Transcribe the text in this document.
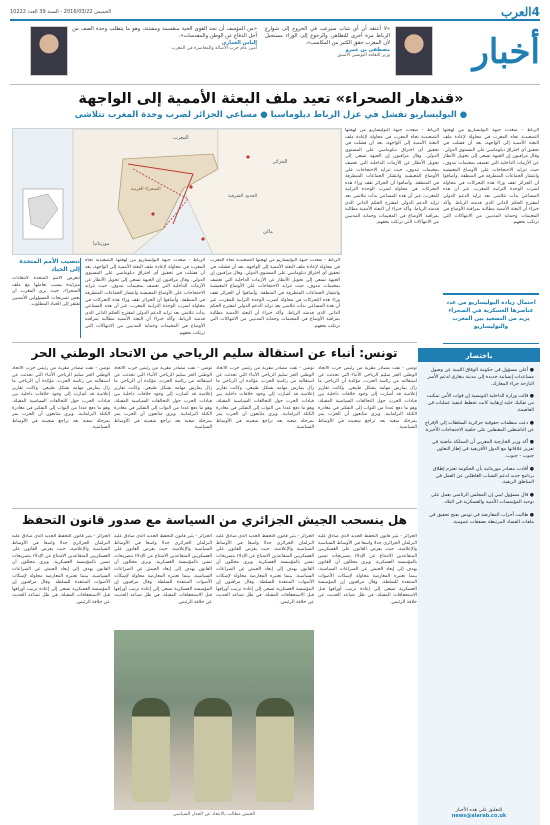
4
العرب
الخميس 2016/03/22 - السنة 39 العدد 10222
أخبار
«لا أعتقد أن أي شاب سيرغب في الخروج إلى شوارع الرباط مرة أخرى للتظاهر، والرجوع إلى الوراء مستحيل لأن المغرب حقق الكثير من المكاسب».
مصطفى بن عمرو
وزير الثقافة التونسي الأسبق
«من المؤسف أن نجد القوى الحية منقسمة ومشتتة، وهو ما يتطلب وحدة الصف من أجل الدفاع عن الوطن والمقدسات».
إلياس العماري
أمين عام حزب الأصالة والمعاصرة في المغرب
«قندهار الصحراء» تعيد ملف البعثة الأممية إلى الواجهة
● البوليساريو تفشل في عزل الرباط دبلوماسيا ● مساعي الجزائر لضرب وحدة المغرب تتلاشى
الرباط - صعدت جبهة البوليساريو من لهجتها التصعيدية تجاه المغرب في محاولة لإعادة ملف البعثة الأممية إلى الواجهة، بعد أن فشلت في تحقيق أي اختراق دبلوماسي على المستوى الدولي. وقال مراقبون إن الجبهة تسعى إلى تحويل الأنظار عن الأزمات الداخلية التي تعصف بمخيمات تندوف، حيث تتزايد الاحتجاجات على الأوضاع المعيشية وانتشار الجماعات المتطرفة في المنطقة. وأضافوا أن الجزائر تقف وراء هذه التحركات في محاولة لضرب الوحدة الترابية للمغرب، غير أن هذه المساعي بدأت تتلاشى بعد تزايد الدعم الدولي لمقترح الحكم الذاتي الذي قدمته الرباط. وأكد خبراء أن البعثة الأممية مطالبة بمراقبة الأوضاع في المخيمات وحماية المدنيين من الانتهاكات التي ترتكب بحقهم.
الرباط - صعدت جبهة البوليساريو من لهجتها التصعيدية تجاه المغرب في محاولة لإعادة ملف البعثة الأممية إلى الواجهة، بعد أن فشلت في تحقيق أي اختراق دبلوماسي على المستوى الدولي. وقال مراقبون إن الجبهة تسعى إلى تحويل الأنظار عن الأزمات الداخلية التي تعصف بمخيمات تندوف، حيث تتزايد الاحتجاجات على الأوضاع المعيشية وانتشار الجماعات المتطرفة في المنطقة. وأضافوا أن الجزائر تقف وراء هذه التحركات في محاولة لضرب الوحدة الترابية للمغرب، غير أن هذه المساعي بدأت تتلاشى بعد تزايد الدعم الدولي لمقترح الحكم الذاتي الذي قدمته الرباط. وأكد خبراء أن البعثة الأممية مطالبة بمراقبة الأوضاع في المخيمات وحماية المدنيين من الانتهاكات التي ترتكب بحقهم.
احتمال زيادة البوليساريو من عدد عناصرها العسكرية في الصحراء يزيد من التصعيد بين المغرب والبوليساريو
المغرب
الجزائر
موريتانيا
الصحراء الغربية
مالي
الحدود الشرقية
الرباط - صعدت جبهة البوليساريو من لهجتها التصعيدية تجاه المغرب في محاولة لإعادة ملف البعثة الأممية إلى الواجهة، بعد أن فشلت في تحقيق أي اختراق دبلوماسي على المستوى الدولي. وقال مراقبون إن الجبهة تسعى إلى تحويل الأنظار عن الأزمات الداخلية التي تعصف بمخيمات تندوف، حيث تتزايد الاحتجاجات على الأوضاع المعيشية وانتشار الجماعات المتطرفة في المنطقة. وأضافوا أن الجزائر تقف وراء هذه التحركات في محاولة لضرب الوحدة الترابية للمغرب، غير أن هذه المساعي بدأت تتلاشى بعد تزايد الدعم الدولي لمقترح الحكم الذاتي الذي قدمته الرباط. وأكد خبراء أن البعثة الأممية مطالبة بمراقبة الأوضاع في المخيمات وحماية المدنيين من الانتهاكات التي ترتكب بحقهم.
الرباط - صعدت جبهة البوليساريو من لهجتها التصعيدية تجاه المغرب في محاولة لإعادة ملف البعثة الأممية إلى الواجهة، بعد أن فشلت في تحقيق أي اختراق دبلوماسي على المستوى الدولي. وقال مراقبون إن الجبهة تسعى إلى تحويل الأنظار عن الأزمات الداخلية التي تعصف بمخيمات تندوف، حيث تتزايد الاحتجاجات على الأوضاع المعيشية وانتشار الجماعات المتطرفة في المنطقة. وأضافوا أن الجزائر تقف وراء هذه التحركات في محاولة لضرب الوحدة الترابية للمغرب، غير أن هذه المساعي بدأت تتلاشى بعد تزايد الدعم الدولي لمقترح الحكم الذاتي الذي قدمته الرباط. وأكد خبراء أن البعثة الأممية مطالبة بمراقبة الأوضاع في المخيمات وحماية المدنيين من الانتهاكات التي ترتكب بحقهم.
تنصيب الأمم المتحدة إلى الحياد
تتعرض الأمم المتحدة لانتقادات متزايدة بسبب تعاملها مع ملف الصحراء، حيث يرى المغرب أن بعض تصريحات المسؤولين الأمميين تفتقر إلى الحياد المطلوب.
تونس: أنباء عن استقالة سليم الرياحي من الاتحاد الوطني الحر
تونس - نفت مصادر مقربة من رئيس حزب الاتحاد الوطني الحر سليم الرياحي الأنباء التي تحدثت عن استقالته من رئاسة الحزب، مؤكدة أن الرياحي ما زال يمارس مهامه بشكل طبيعي. وكانت تقارير إعلامية قد أشارت إلى وجود خلافات داخلية بين قيادات الحزب حول التحالفات السياسية المقبلة، وهو ما دفع عددا من النواب إلى التفكير في مغادرة الكتلة البرلمانية. ويرى متابعون أن الحزب يمر بمرحلة صعبة بعد تراجع شعبيته في الأوساط السياسية.
تونس - نفت مصادر مقربة من رئيس حزب الاتحاد الوطني الحر سليم الرياحي الأنباء التي تحدثت عن استقالته من رئاسة الحزب، مؤكدة أن الرياحي ما زال يمارس مهامه بشكل طبيعي. وكانت تقارير إعلامية قد أشارت إلى وجود خلافات داخلية بين قيادات الحزب حول التحالفات السياسية المقبلة، وهو ما دفع عددا من النواب إلى التفكير في مغادرة الكتلة البرلمانية. ويرى متابعون أن الحزب يمر بمرحلة صعبة بعد تراجع شعبيته في الأوساط السياسية.
تونس - نفت مصادر مقربة من رئيس حزب الاتحاد الوطني الحر سليم الرياحي الأنباء التي تحدثت عن استقالته من رئاسة الحزب، مؤكدة أن الرياحي ما زال يمارس مهامه بشكل طبيعي. وكانت تقارير إعلامية قد أشارت إلى وجود خلافات داخلية بين قيادات الحزب حول التحالفات السياسية المقبلة، وهو ما دفع عددا من النواب إلى التفكير في مغادرة الكتلة البرلمانية. ويرى متابعون أن الحزب يمر بمرحلة صعبة بعد تراجع شعبيته في الأوساط السياسية.
تونس - نفت مصادر مقربة من رئيس حزب الاتحاد الوطني الحر سليم الرياحي الأنباء التي تحدثت عن استقالته من رئاسة الحزب، مؤكدة أن الرياحي ما زال يمارس مهامه بشكل طبيعي. وكانت تقارير إعلامية قد أشارت إلى وجود خلافات داخلية بين قيادات الحزب حول التحالفات السياسية المقبلة، وهو ما دفع عددا من النواب إلى التفكير في مغادرة الكتلة البرلمانية. ويرى متابعون أن الحزب يمر بمرحلة صعبة بعد تراجع شعبيته في الأوساط السياسية.
هل ينسحب الجيش الجزائري من السياسة مع صدور قانون التحفظ
الجزائر - يثير قانون التحفظ الجديد الذي صادق عليه البرلمان الجزائري جدلا واسعا في الأوساط السياسية والإعلامية، حيث يفرض القانون على العسكريين المتقاعدين الامتناع عن الإدلاء بتصريحات تمس بالمؤسسة العسكرية. ويرى محللون أن القانون يهدف إلى إبعاد الجيش عن الصراعات السياسية، بينما تعتبره المعارضة محاولة لإسكات الأصوات المنتقدة للسلطة. وقال مراقبون إن المؤسسة العسكرية تسعى إلى إعادة ترتيب أوراقها قبل الاستحقاقات المقبلة، في ظل تصاعد الحديث عن خلافة الرئيس.
الجزائر - يثير قانون التحفظ الجديد الذي صادق عليه البرلمان الجزائري جدلا واسعا في الأوساط السياسية والإعلامية، حيث يفرض القانون على العسكريين المتقاعدين الامتناع عن الإدلاء بتصريحات تمس بالمؤسسة العسكرية. ويرى محللون أن القانون يهدف إلى إبعاد الجيش عن الصراعات السياسية، بينما تعتبره المعارضة محاولة لإسكات الأصوات المنتقدة للسلطة. وقال مراقبون إن المؤسسة العسكرية تسعى إلى إعادة ترتيب أوراقها قبل الاستحقاقات المقبلة، في ظل تصاعد الحديث عن خلافة الرئيس.
الجزائر - يثير قانون التحفظ الجديد الذي صادق عليه البرلمان الجزائري جدلا واسعا في الأوساط السياسية والإعلامية، حيث يفرض القانون على العسكريين المتقاعدين الامتناع عن الإدلاء بتصريحات تمس بالمؤسسة العسكرية. ويرى محللون أن القانون يهدف إلى إبعاد الجيش عن الصراعات السياسية، بينما تعتبره المعارضة محاولة لإسكات الأصوات المنتقدة للسلطة. وقال مراقبون إن المؤسسة العسكرية تسعى إلى إعادة ترتيب أوراقها قبل الاستحقاقات المقبلة، في ظل تصاعد الحديث عن خلافة الرئيس.
الجزائر - يثير قانون التحفظ الجديد الذي صادق عليه البرلمان الجزائري جدلا واسعا في الأوساط السياسية والإعلامية، حيث يفرض القانون على العسكريين المتقاعدين الامتناع عن الإدلاء بتصريحات تمس بالمؤسسة العسكرية. ويرى محللون أن القانون يهدف إلى إبعاد الجيش عن الصراعات السياسية، بينما تعتبره المعارضة محاولة لإسكات الأصوات المنتقدة للسلطة. وقال مراقبون إن المؤسسة العسكرية تسعى إلى إعادة ترتيب أوراقها قبل الاستحقاقات المقبلة، في ظل تصاعد الحديث عن خلافة الرئيس.
الجيش مطالب بالابتعاد عن الجدل السياسي
باختصار
● أعلن مسؤول في حكومة الوفاق الليبية عن وصول مساعدات إنسانية جديدة إلى مدينة بنغازي لدعم الأسر النازحة جراء المعارك.
● قالت وزارة الداخلية التونسية إن قوات الأمن تمكنت من تفكيك خلية إرهابية كانت تخطط لتنفيذ عمليات في العاصمة.
● دعت منظمات حقوقية جزائرية السلطات إلى الإفراج عن الناشطين المعتقلين على خلفية الاحتجاجات الأخيرة.
● أكد وزير الخارجية المغربي أن المملكة ماضية في تعزيز علاقاتها مع الدول الأفريقية في إطار التعاون جنوب - جنوب.
● أفادت مصادر موريتانية بأن الحكومة تعتزم إطلاق برنامج جديد لدعم الشباب العاطلين عن العمل في المناطق الريفية.
● قال مسؤول ليبي إن المجلس الرئاسي يعمل على توحيد المؤسسات الأمنية والعسكرية في البلاد.
● طالبت أحزاب المعارضة في تونس بفتح تحقيق في ملفات الفساد المرتبطة بصفقات عمومية.
للتعليق على هذه الأخبار
news@alarab.co.uk
